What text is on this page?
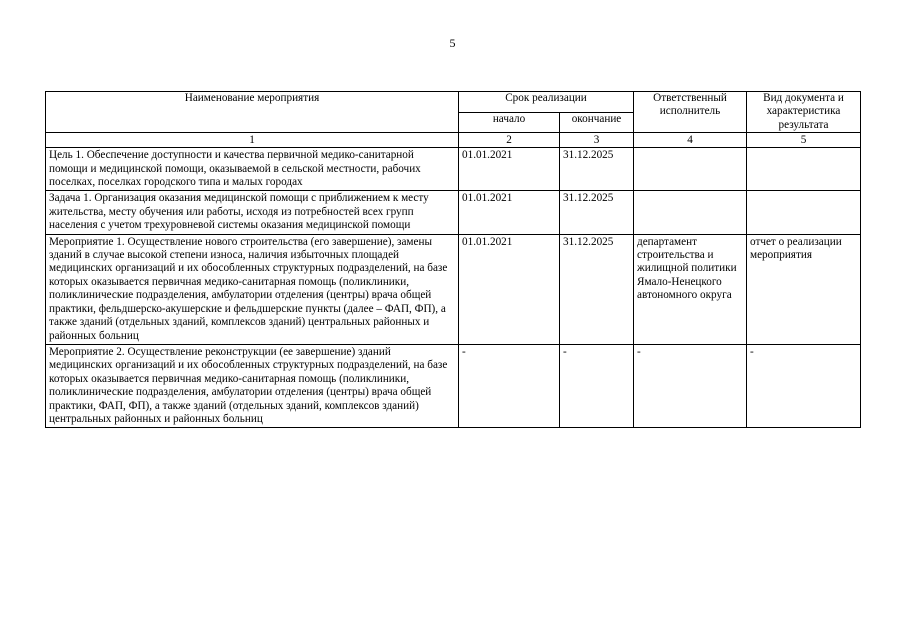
5
Наименование мероприятия	Срок реализации		Ответственный исполнитель	Вид документа и характеристика результата
	начало	окончание		
1	2	3	4	5
Цель 1. Обеспечение доступности и качества первичной медико-санитарной помощи и медицинской помощи, оказываемой в сельской местности, рабочих поселках, поселках городского типа и малых городах	01.01.2021	31.12.2025		
Задача 1. Организация оказания медицинской помощи с приближением к месту жительства, месту обучения или работы, исходя из потребностей всех групп населения с учетом трехуровневой системы оказания медицинской помощи	01.01.2021	31.12.2025		
Мероприятие 1. Осуществление нового строительства (его завершение), замены зданий в случае высокой степени износа, наличия избыточных площадей медицинских организаций и их обособленных структурных подразделений, на базе которых оказывается первичная медико-санитарная помощь (поликлиники, поликлинические подразделения, амбулатории отделения (центры) врача общей практики, фельдшерско-акушерские и фельдшерские пункты (далее – ФАП, ФП), а также зданий (отдельных зданий, комплексов зданий) центральных районных и районных больниц	01.01.2021	31.12.2025	департамент строительства и жилищной политики Ямало-Ненецкого автономного округа	отчет о реализации мероприятия
Мероприятие 2. Осуществление реконструкции (ее завершение) зданий медицинских организаций и их обособленных структурных подразделений, на базе которых оказывается первичная медико-санитарная помощь (поликлиники, поликлинические подразделения, амбулатории отделения (центры) врача общей практики, ФАП, ФП), а также зданий (отдельных зданий, комплексов зданий) центральных районных и районных больниц	-	-	-	-
